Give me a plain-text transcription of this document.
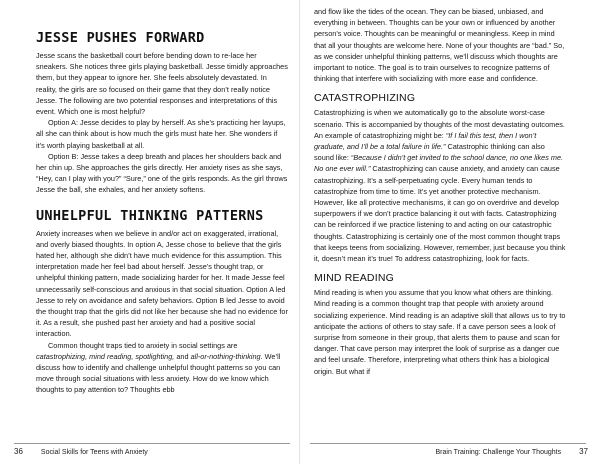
JESSE PUSHES FORWARD

Jesse scans the basketball court before bending down to re-lace her sneakers. She notices three girls playing basketball. Jesse timidly approaches them, but they appear to ignore her. She feels absolutely devastated. In reality, the girls are so focused on their game that they don’t really notice Jesse. The following are two potential responses and interpretations of this event. Which one is most helpful?

Option A: Jesse decides to play by herself. As she’s practicing her layups, all she can think about is how much the girls must hate her. She wonders if it’s worth playing basketball at all.

Option B: Jesse takes a deep breath and places her shoulders back and her chin up. She approaches the girls directly. Her anxiety rises as she says, “Hey, can I play with you?” “Sure,” one of the girls responds. As the girl throws Jesse the ball, she exhales, and her anxiety softens.

UNHELPFUL THINKING PATTERNS

Anxiety increases when we believe in and/or act on exaggerated, irrational, and overly biased thoughts. In option A, Jesse chose to believe that the girls hated her, although she didn’t have much evidence for this assumption. This interpretation made her feel bad about herself. Jesse’s thought trap, or unhelpful thinking pattern, made socializing harder for her. It made Jesse feel unnecessarily self-conscious and anxious in that social situation. Option A led Jesse to rely on avoidance and safety behaviors. Option B led Jesse to avoid the thought trap that the girls did not like her because she had no evidence for it. As a result, she pushed past her anxiety and had a positive social interaction.

Common thought traps tied to anxiety in social settings are catastrophizing, mind reading, spotlighting, and all-or-nothing-thinking. We’ll discuss how to identify and challenge unhelpful thought patterns so you can move through social situations with less anxiety. How do we know which thoughts to pay attention to? Thoughts ebb

36	Social Skills for Teens with Anxiety

and flow like the tides of the ocean. They can be biased, unbiased, and everything in between. Thoughts can be your own or influenced by another person’s voice. Thoughts can be meaningful or meaningless. Keep in mind that all your thoughts are welcome here. None of your thoughts are “bad.” So, as we consider unhelpful thinking patterns, we’ll discuss which thoughts are important to notice. The goal is to train ourselves to recognize patterns of thinking that interfere with socializing with more ease and confidence.

CATASTROPHIZING

Catastrophizing is when we automatically go to the absolute worst-case scenario. This is accompanied by thoughts of the most devastating outcomes. An example of catastrophizing might be: “If I fail this test, then I won’t graduate, and I’ll be a total failure in life.” Catastrophic thinking can also sound like: “Because I didn’t get invited to the school dance, no one likes me. No one ever will.” Catastrophizing can cause anxiety, and anxiety can cause catastrophizing. It’s a self-perpetuating cycle. Every human tends to catastrophize from time to time. It’s yet another protective mechanism. However, like all protective mechanisms, it can go on overdrive and develop superpowers if we don’t practice balancing it out with facts. Catastrophizing can be reinforced if we practice listening to and acting on our catastrophic thoughts. Catastrophizing is certainly one of the most common thought traps that keeps teens from socializing. However, remember, just because you think it, doesn’t mean it’s true! To address catastrophizing, look for facts.

MIND READING

Mind reading is when you assume that you know what others are thinking. Mind reading is a common thought trap that people with anxiety around socializing experience. Mind reading is an adaptive skill that allows us to try to anticipate the actions of others to stay safe. If a cave person sees a look of surprise from someone in their group, that alerts them to pause and scan for danger. That cave person may interpret the look of surprise as a danger cue and feel unsafe. Therefore, interpreting what others think has a biological origin. But what if

Brain Training: Challenge Your Thoughts 37
